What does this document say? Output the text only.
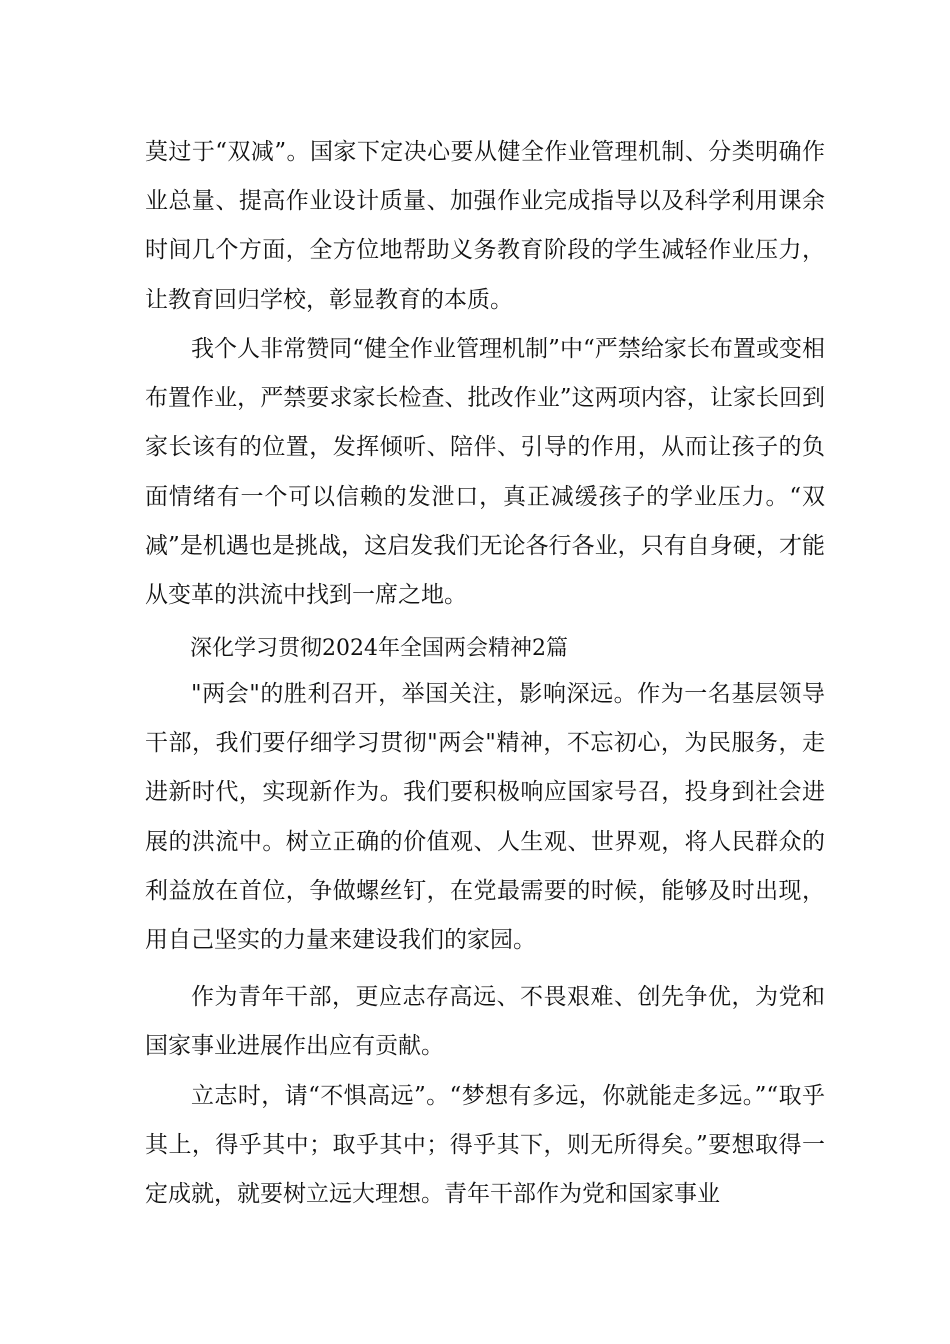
莫过于“双减”。国家下定决心要从健全作业管理机制、分类明确作业总量、提高作业设计质量、加强作业完成指导以及科学利用课余时间几个方面，全方位地帮助义务教育阶段的学生减轻作业压力，让教育回归学校，彰显教育的本质。

我个人非常赞同“健全作业管理机制”中“严禁给家长布置或变相布置作业，严禁要求家长检查、批改作业”这两项内容，让家长回到家长该有的位置，发挥倾听、陪伴、引导的作用，从而让孩子的负面情绪有一个可以信赖的发泄口，真正减缓孩子的学业压力。“双减”是机遇也是挑战，这启发我们无论各行各业，只有自身硬，才能从变革的洪流中找到一席之地。

深化学习贯彻2024年全国两会精神2篇

"两会"的胜利召开，举国关注，影响深远。作为一名基层领导干部，我们要仔细学习贯彻"两会"精神，不忘初心，为民服务，走进新时代，实现新作为。我们要积极响应国家号召，投身到社会进展的洪流中。树立正确的价值观、人生观、世界观，将人民群众的利益放在首位，争做螺丝钉，在党最需要的时候，能够及时出现，用自己坚实的力量来建设我们的家园。

作为青年干部，更应志存高远、不畏艰难、创先争优，为党和国家事业进展作出应有贡献。

立志时，请“不惧高远”。“梦想有多远，你就能走多远。”“取乎其上，得乎其中；取乎其中；得乎其下，则无所得矣。”要想取得一定成就，就要树立远大理想。青年干部作为党和国家事业
